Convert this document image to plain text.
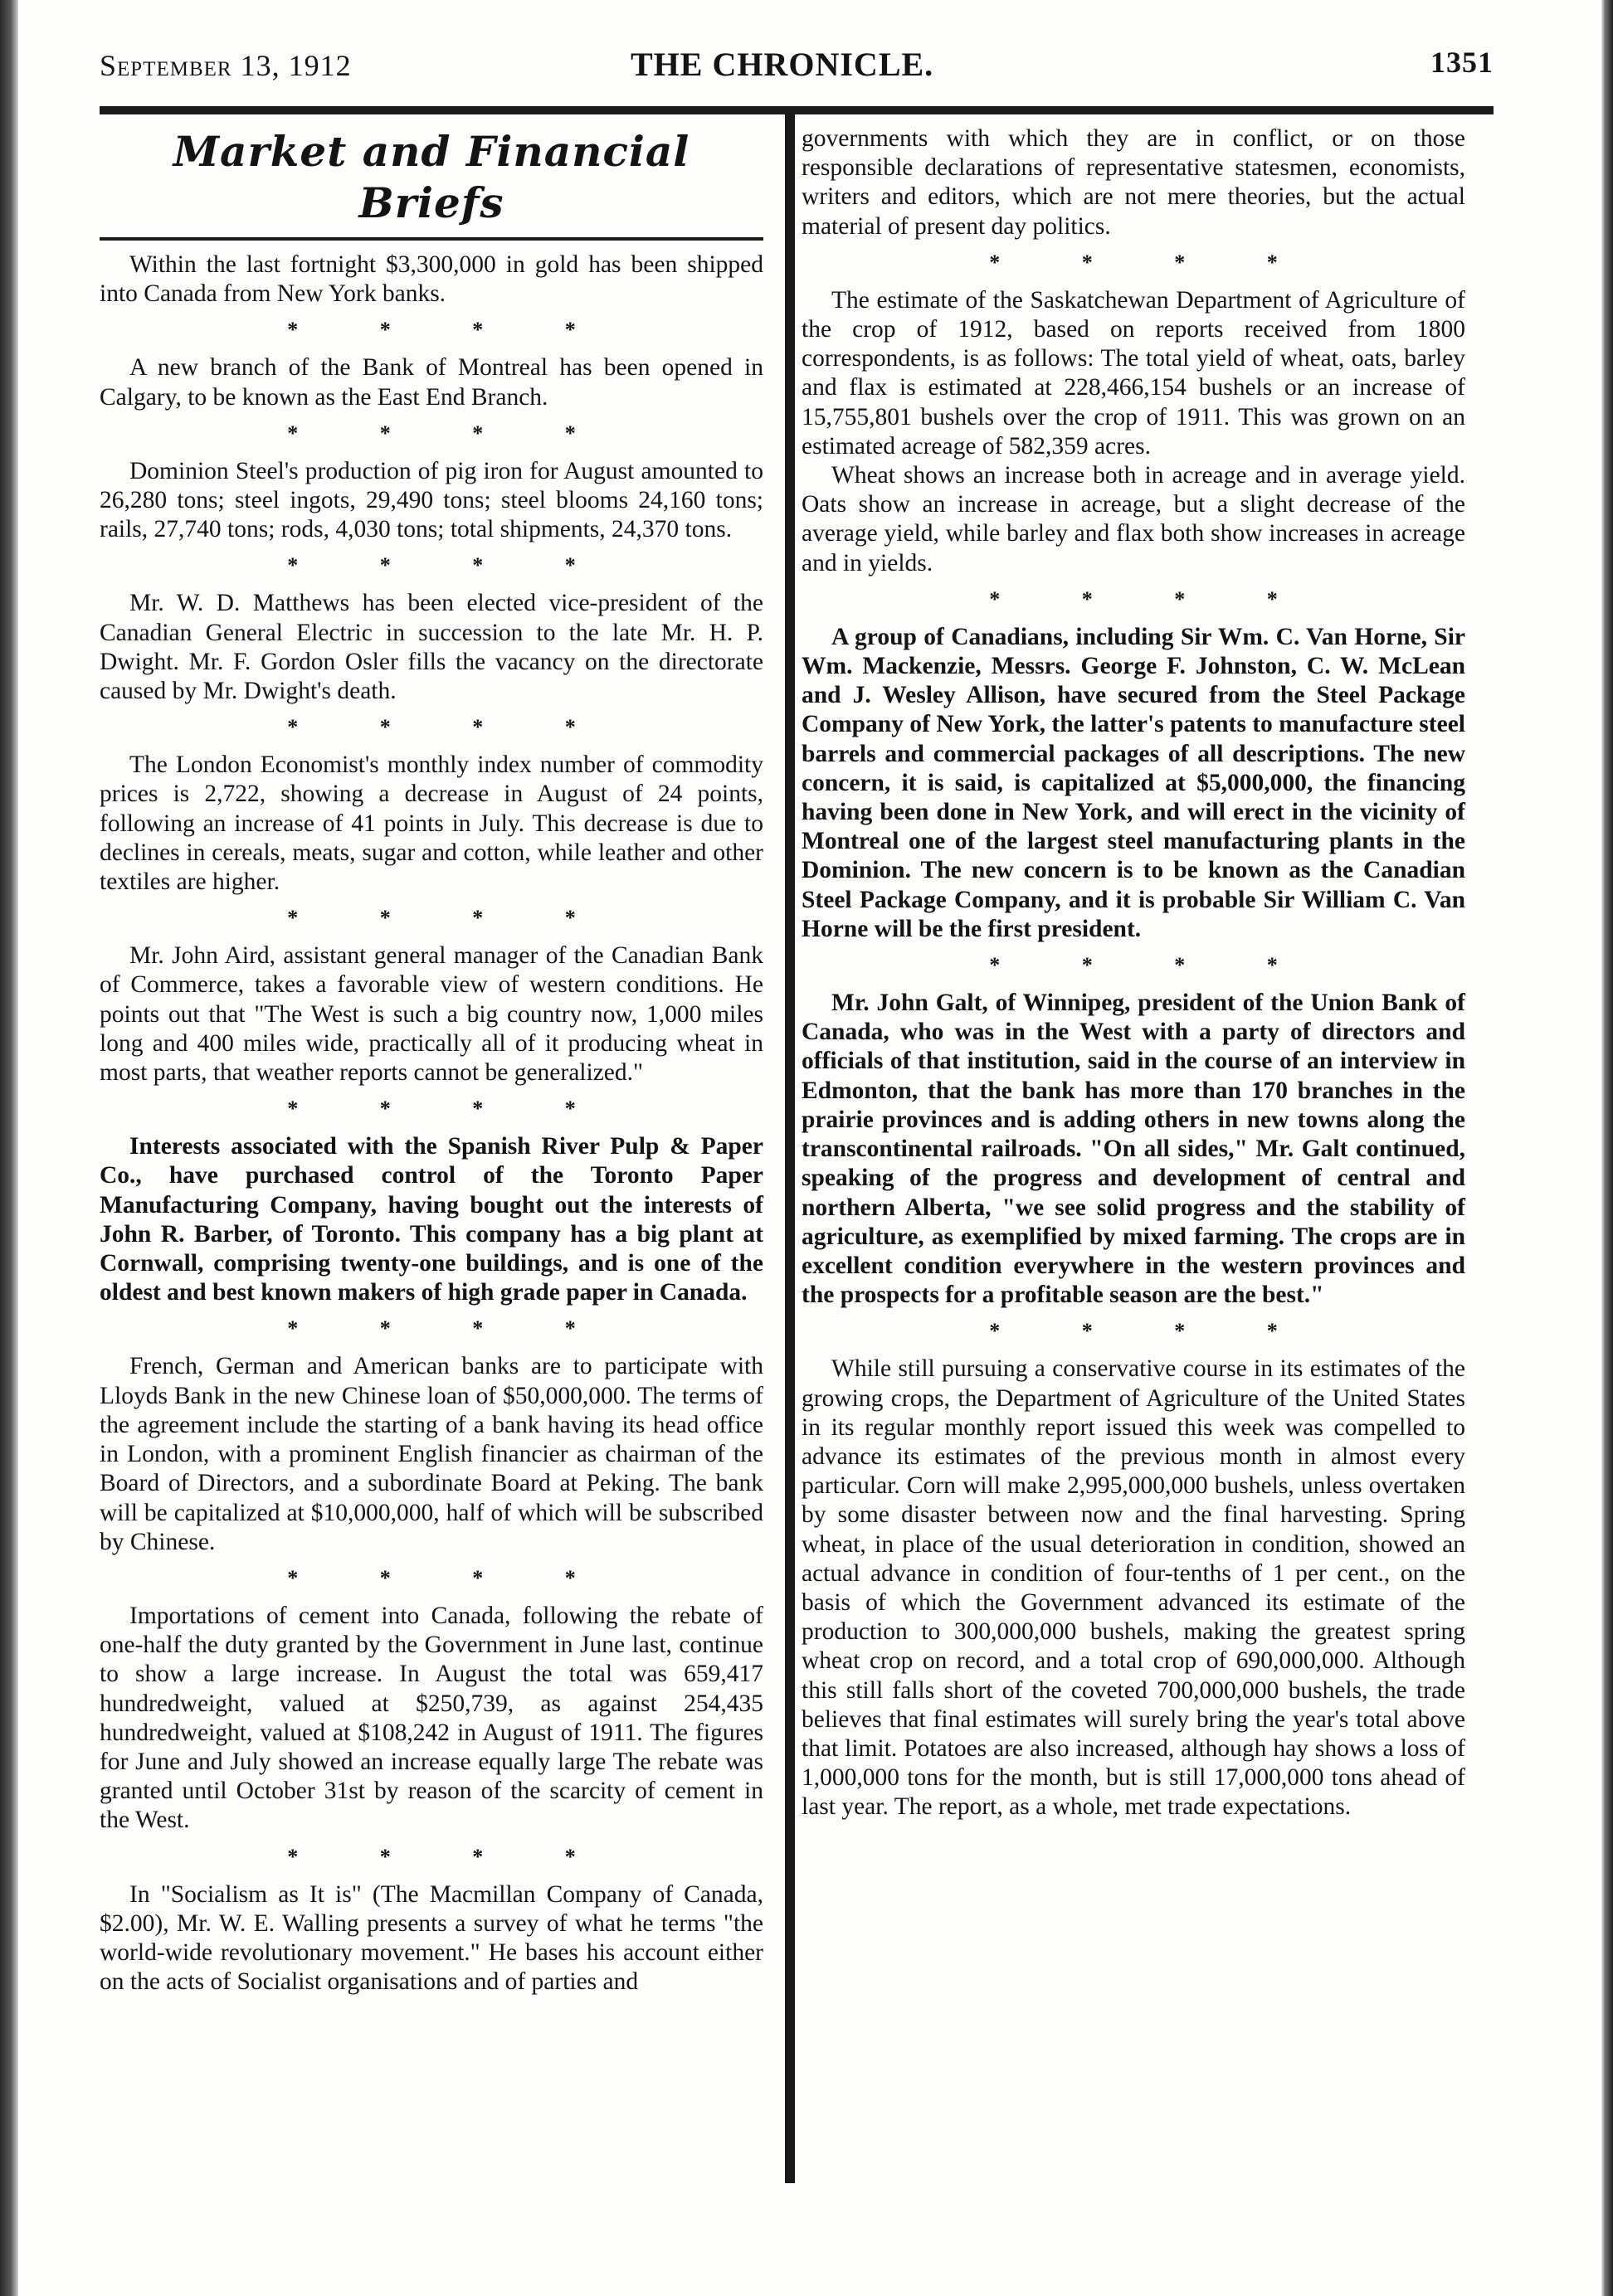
September 13, 1912	THE CHRONICLE.	1351
Market and Financial Briefs

Within the last fortnight $3,300,000 in gold has been shipped into Canada from New York banks.

* * * *

A new branch of the Bank of Montreal has been opened in Calgary, to be known as the East End Branch.

* * * *

Dominion Steel's production of pig iron for August amounted to 26,280 tons; steel ingots, 29,490 tons; steel blooms 24,160 tons; rails, 27,740 tons; rods, 4,030 tons; total shipments, 24,370 tons.

* * * *

Mr. W. D. Matthews has been elected vice-president of the Canadian General Electric in succession to the late Mr. H. P. Dwight. Mr. F. Gordon Osler fills the vacancy on the directorate caused by Mr. Dwight's death.

* * * *

The London Economist's monthly index number of commodity prices is 2,722, showing a decrease in August of 24 points, following an increase of 41 points in July. This decrease is due to declines in cereals, meats, sugar and cotton, while leather and other textiles are higher.

* * * *

Mr. John Aird, assistant general manager of the Canadian Bank of Commerce, takes a favorable view of western conditions. He points out that "The West is such a big country now, 1,000 miles long and 400 miles wide, practically all of it producing wheat in most parts, that weather reports cannot be generalized."

* * * *

Interests associated with the Spanish River Pulp & Paper Co., have purchased control of the Toronto Paper Manufacturing Company, having bought out the interests of John R. Barber, of Toronto. This company has a big plant at Cornwall, comprising twenty-one buildings, and is one of the oldest and best known makers of high grade paper in Canada.

* * * *

French, German and American banks are to participate with Lloyds Bank in the new Chinese loan of $50,000,000. The terms of the agreement include the starting of a bank having its head office in London, with a prominent English financier as chairman of the Board of Directors, and a subordinate Board at Peking. The bank will be capitalized at $10,000,000, half of which will be subscribed by Chinese.

* * * *

Importations of cement into Canada, following the rebate of one-half the duty granted by the Government in June last, continue to show a large increase. In August the total was 659,417 hundredweight, valued at $250,739, as against 254,435 hundredweight, valued at $108,242 in August of 1911. The figures for June and July showed an increase equally large The rebate was granted until October 31st by reason of the scarcity of cement in the West.

* * * *

In "Socialism as It is" (The Macmillan Company of Canada, $2.00), Mr. W. E. Walling presents a survey of what he terms "the world-wide revolutionary movement." He bases his account either on the acts of Socialist organisations and of parties and

governments with which they are in conflict, or on those responsible declarations of representative statesmen, economists, writers and editors, which are not mere theories, but the actual material of present day politics.

* * * *

The estimate of the Saskatchewan Department of Agriculture of the crop of 1912, based on reports received from 1800 correspondents, is as follows: The total yield of wheat, oats, barley and flax is estimated at 228,466,154 bushels or an increase of 15,755,801 bushels over the crop of 1911. This was grown on an estimated acreage of 582,359 acres.

Wheat shows an increase both in acreage and in average yield. Oats show an increase in acreage, but a slight decrease of the average yield, while barley and flax both show increases in acreage and in yields.

* * * *

A group of Canadians, including Sir Wm. C. Van Horne, Sir Wm. Mackenzie, Messrs. George F. Johnston, C. W. McLean and J. Wesley Allison, have secured from the Steel Package Company of New York, the latter's patents to manufacture steel barrels and commercial packages of all descriptions. The new concern, it is said, is capitalized at $5,000,000, the financing having been done in New York, and will erect in the vicinity of Montreal one of the largest steel manufacturing plants in the Dominion. The new concern is to be known as the Canadian Steel Package Company, and it is probable Sir William C. Van Horne will be the first president.

* * * *

Mr. John Galt, of Winnipeg, president of the Union Bank of Canada, who was in the West with a party of directors and officials of that institution, said in the course of an interview in Edmonton, that the bank has more than 170 branches in the prairie provinces and is adding others in new towns along the transcontinental railroads. "On all sides," Mr. Galt continued, speaking of the progress and development of central and northern Alberta, "we see solid progress and the stability of agriculture, as exemplified by mixed farming. The crops are in excellent condition everywhere in the western provinces and the prospects for a profitable season are the best."

* * * *

While still pursuing a conservative course in its estimates of the growing crops, the Department of Agriculture of the United States in its regular monthly report issued this week was compelled to advance its estimates of the previous month in almost every particular. Corn will make 2,995,000,000 bushels, unless overtaken by some disaster between now and the final harvesting. Spring wheat, in place of the usual deterioration in condition, showed an actual advance in condition of four-tenths of 1 per cent., on the basis of which the Government advanced its estimate of the production to 300,000,000 bushels, making the greatest spring wheat crop on record, and a total crop of 690,000,000. Although this still falls short of the coveted 700,000,000 bushels, the trade believes that final estimates will surely bring the year's total above that limit. Potatoes are also increased, although hay shows a loss of 1,000,000 tons for the month, but is still 17,000,000 tons ahead of last year. The report, as a whole, met trade expectations.
